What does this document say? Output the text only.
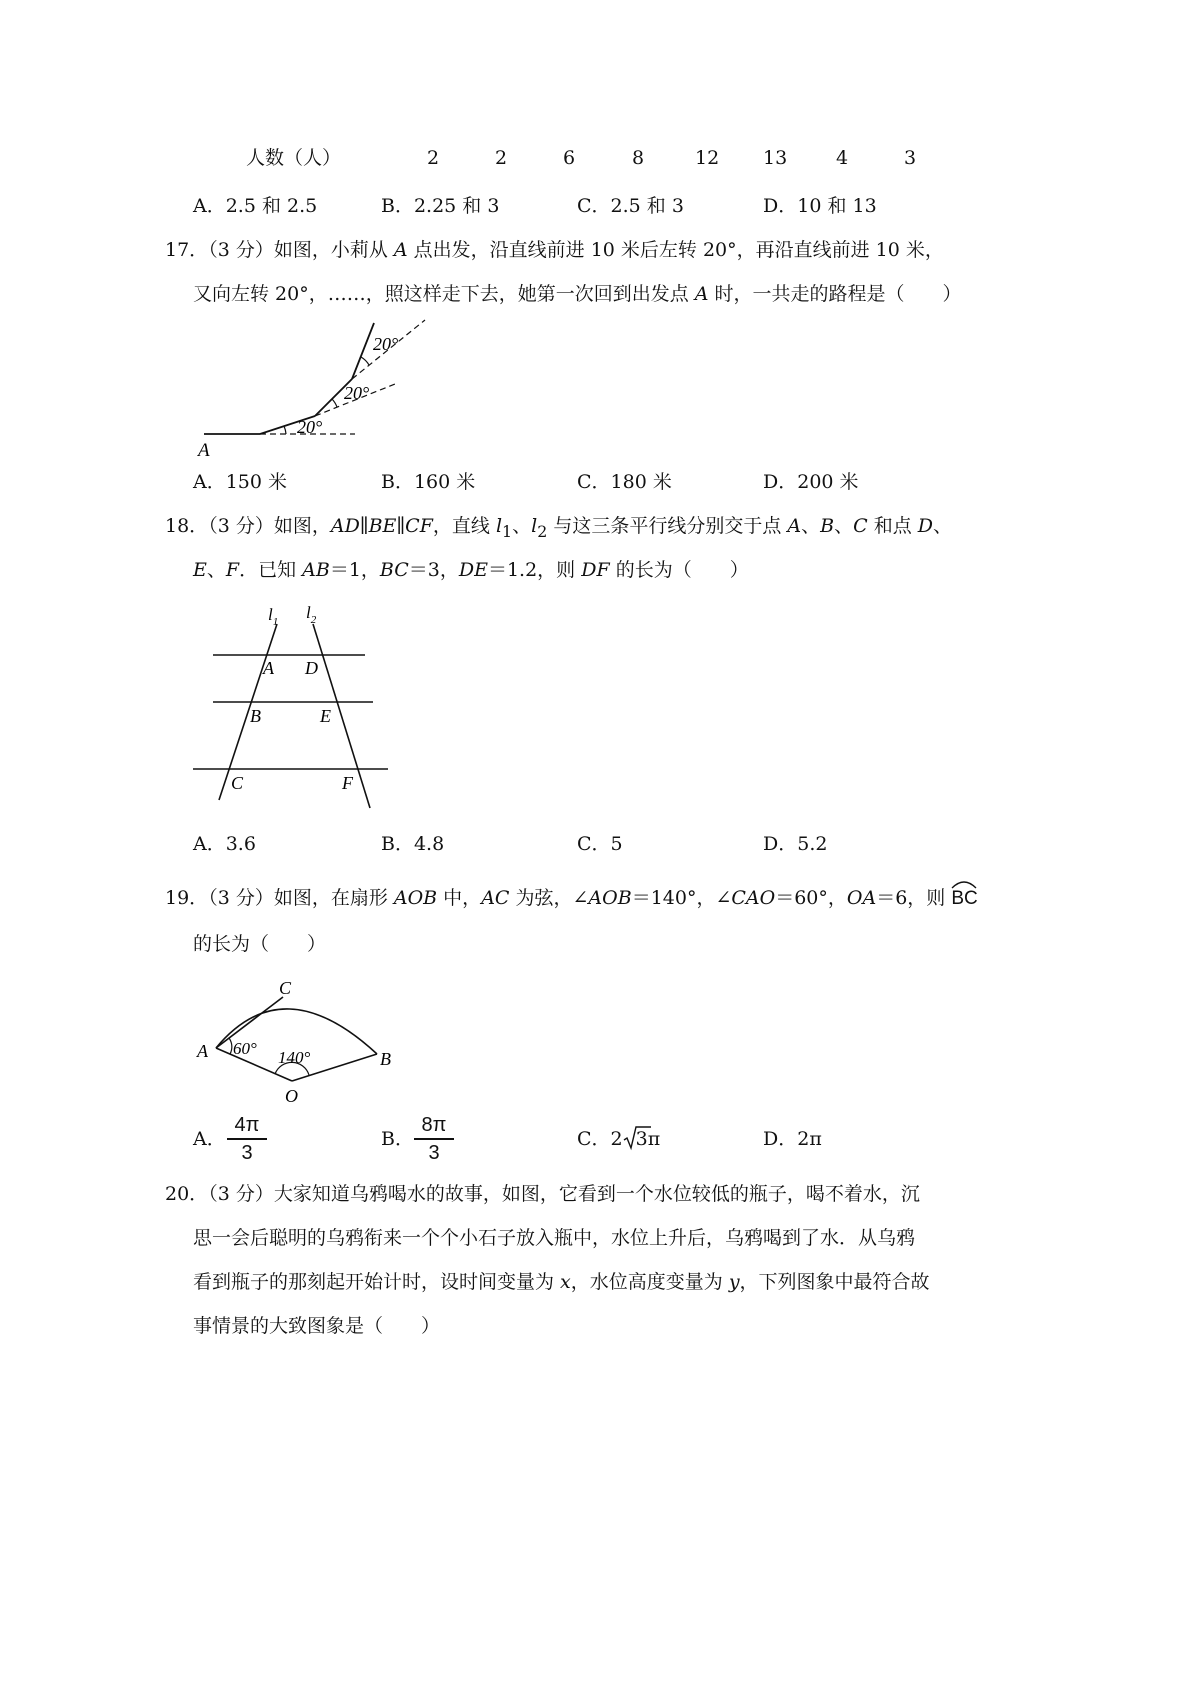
人数（人）	2	2	6	8	12 13	4	3
A．2.5 和 2.5	B．2.25 和 3	C．2.5 和 3	D．10 和 13
17．（3 分）如图，小莉从 A 点出发，沿直线前进 10 米后左转 20°，再沿直线前进 10 米，
又向左转 20°，……，照这样走下去，她第一次回到出发点 A 时，一共走的路程是（　　）
20°
20°
20°
A
A．150 米	B．160 米	C．180 米	D．200 米
18．（3 分）如图，AD∥BE∥CF，直线 $l_1$、$l_2$ 与这三条平行线分别交于点 A、B、C 和点 D、
E、F．已知 AB＝1，BC＝3，DE＝1.2，则 DF 的长为（　　）
$l_1$ $l_2$
A D
B	E
C	F
A．3.6	B．4.8	C．5	D．5.2
19．（3 分）如图，在扇形 AOB 中，AC 为弦，∠AOB＝140°，∠CAO＝60°，OA＝6，则 BC
的长为（　　）
A
C
B
O
60° 140°
A．
4π
3
B．
8π
3
C．2 3π	D．2π
20．（3 分）大家知道乌鸦喝水的故事，如图，它看到一个水位较低的瓶子，喝不着水，沉
思一会后聪明的乌鸦衔来一个个小石子放入瓶中，水位上升后，乌鸦喝到了水．从乌鸦
看到瓶子的那刻起开始计时，设时间变量为 x，水位高度变量为 y，下列图象中最符合故
事情景的大致图象是（　　）
